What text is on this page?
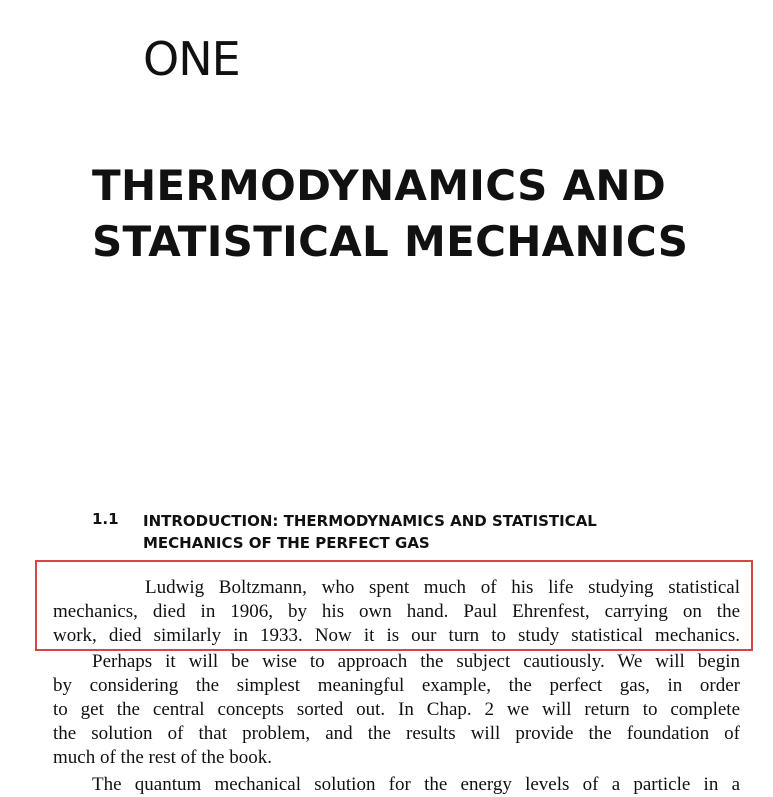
ONE
THERMODYNAMICS AND
STATISTICAL MECHANICS
1.1 INTRODUCTION: THERMODYNAMICS AND STATISTICAL
MECHANICS OF THE PERFECT GAS
Ludwig Boltzmann, who spent much of his life studying statistical
mechanics, died in 1906, by his own hand. Paul Ehrenfest, carrying on the
work, died similarly in 1933. Now it is our turn to study statistical mechanics.
Perhaps it will be wise to approach the subject cautiously. We will begin
by considering the simplest meaningful example, the perfect gas, in order
to get the central concepts sorted out. In Chap. 2 we will return to complete
the solution of that problem, and the results will provide the foundation of
much of the rest of the book.
The quantum mechanical solution for the energy levels of a particle in a
